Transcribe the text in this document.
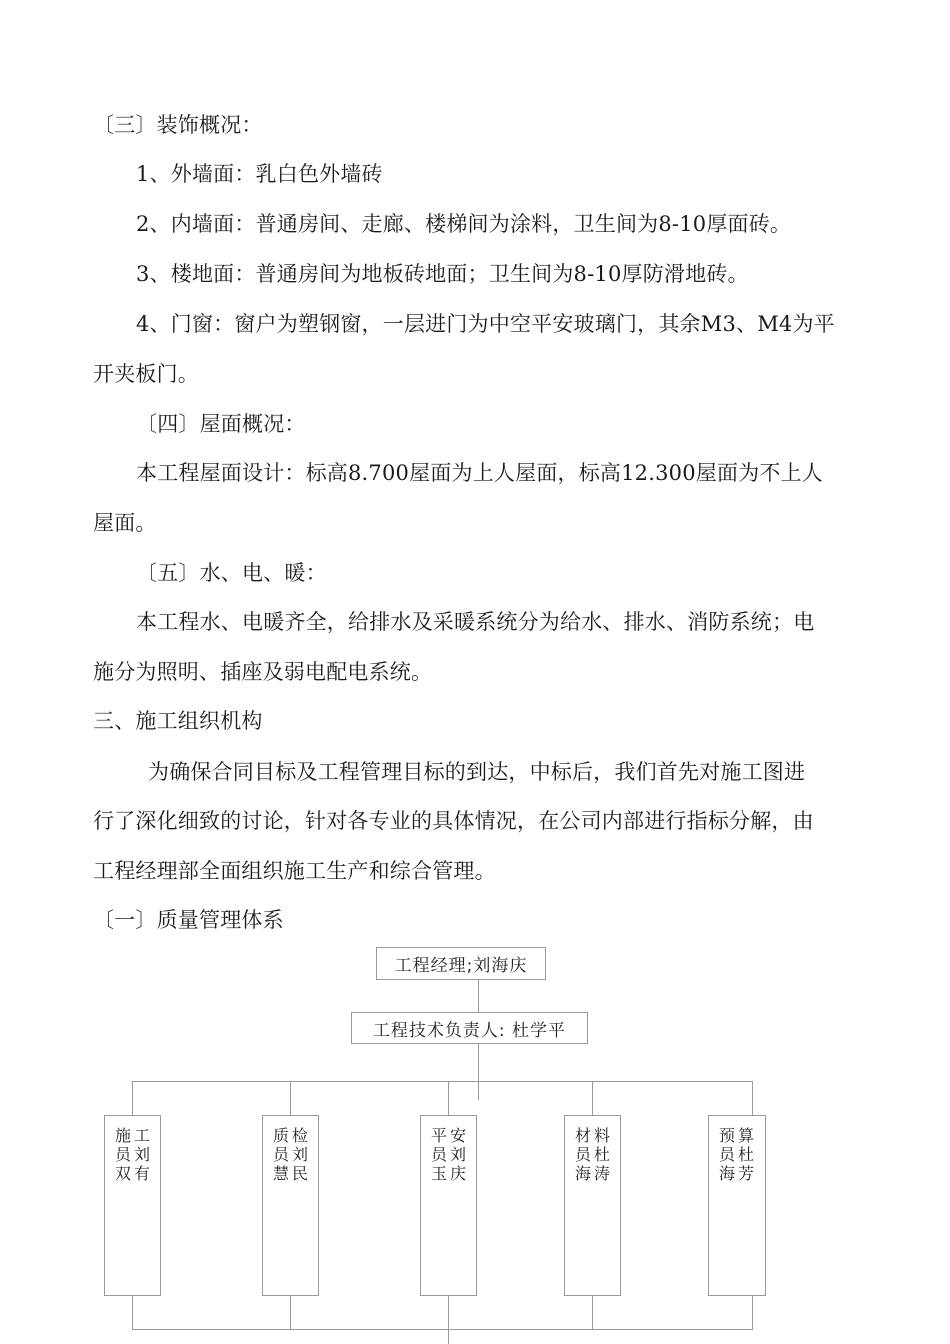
〔三〕装饰概况：
1、外墙面：乳白色外墙砖
2、内墙面：普通房间、走廊、楼梯间为涂料，卫生间为8-10厚面砖。
3、楼地面：普通房间为地板砖地面；卫生间为8-10厚防滑地砖。
4、门窗：窗户为塑钢窗，一层进门为中空平安玻璃门，其余M3、M4为平
开夹板门。
〔四〕屋面概况：
本工程屋面设计：标高8.700屋面为上人屋面，标高12.300屋面为不上人
屋面。
〔五〕水、电、暖：
本工程水、电暖齐全，给排水及采暖系统分为给水、排水、消防系统；电
施分为照明、插座及弱电配电系统。
三、施工组织机构
为确保合同目标及工程管理目标的到达，中标后，我们首先对施工图进
行了深化细致的讨论，针对各专业的具体情况，在公司内部进行指标分解，由
工程经理部全面组织施工生产和综合管理。
〔一〕质量管理体系
工程经理;刘海庆
工程技术负责人: 杜学平
施工员刘双有
质检员刘慧民
平安员刘玉庆
材料员杜海涛
预算员杜海芳
